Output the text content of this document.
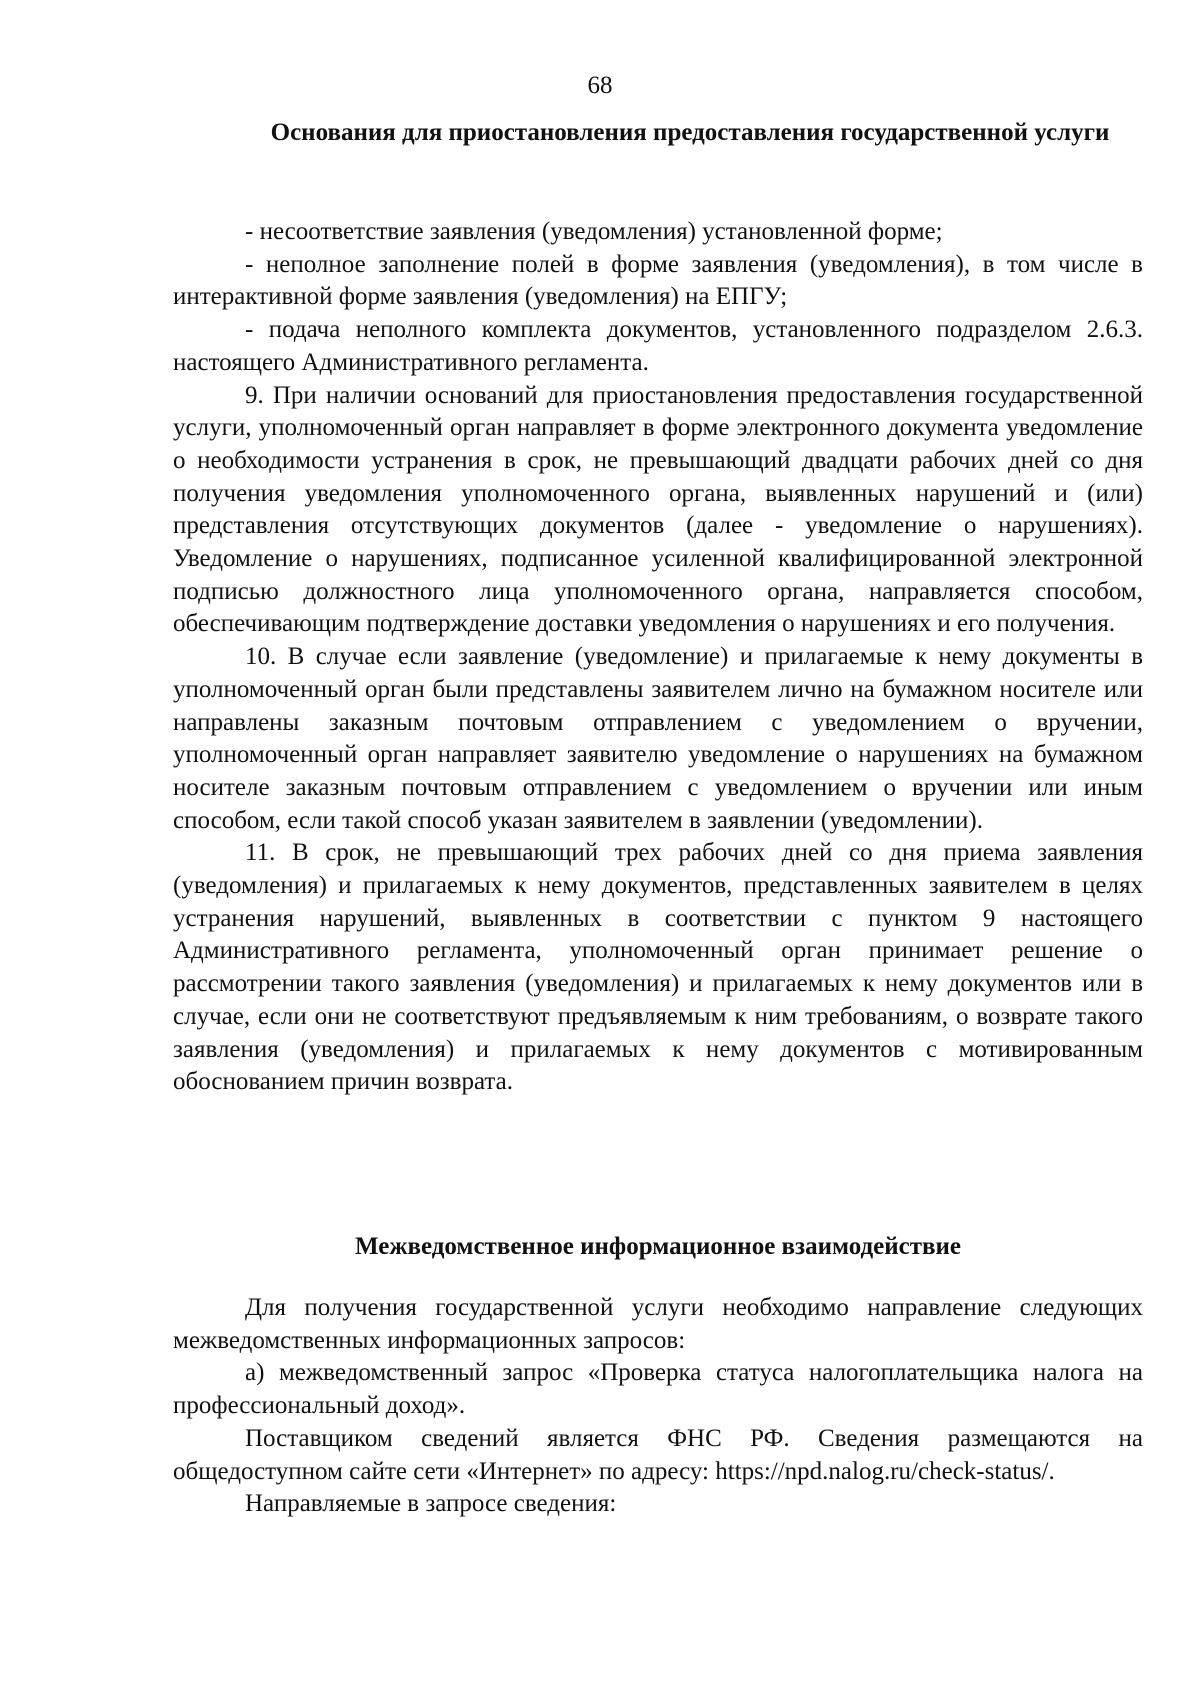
68

Основания для приостановления предоставления государственной услуги

- несоответствие заявления (уведомления) установленной форме;

- неполное заполнение полей в форме заявления (уведомления), в том числе в интерактивной форме заявления (уведомления) на ЕПГУ;

- подача неполного комплекта документов, установленного подразделом 2.6.3. настоящего Административного регламента.

9. При наличии оснований для приостановления предоставления государственной услуги, уполномоченный орган направляет в форме электронного документа уведомление о необходимости устранения в срок, не превышающий двадцати рабочих дней со дня получения уведомления уполномоченного органа, выявленных нарушений и (или) представления отсутствующих документов (далее - уведомление о нарушениях). Уведомление о нарушениях, подписанное усиленной квалифицированной электронной подписью должностного лица уполномоченного органа, направляется способом, обеспечивающим подтверждение доставки уведомления о нарушениях и его получения.

10. В случае если заявление (уведомление) и прилагаемые к нему документы в уполномоченный орган были представлены заявителем лично на бумажном носителе или направлены заказным почтовым отправлением с уведомлением о вручении, уполномоченный орган направляет заявителю уведомление о нарушениях на бумажном носителе заказным почтовым отправлением с уведомлением о вручении или иным способом, если такой способ указан заявителем в заявлении (уведомлении).

11. В срок, не превышающий трех рабочих дней со дня приема заявления (уведомления) и прилагаемых к нему документов, представленных заявителем в целях устранения нарушений, выявленных в соответствии с пунктом 9 настоящего Административного регламента, уполномоченный орган принимает решение о рассмотрении такого заявления (уведомления) и прилагаемых к нему документов или в случае, если они не соответствуют предъявляемым к ним требованиям, о возврате такого заявления (уведомления) и прилагаемых к нему документов с мотивированным обоснованием причин возврата.

Межведомственное информационное взаимодействие

Для получения государственной услуги необходимо направление следующих межведомственных информационных запросов:

а) межведомственный запрос «Проверка статуса налогоплательщика налога на профессиональный доход».

Поставщиком сведений является ФНС РФ. Сведения размещаются на общедоступном сайте сети «Интернет» по адресу: https://npd.nalog.ru/check-status/.

Направляемые в запросе сведения:
